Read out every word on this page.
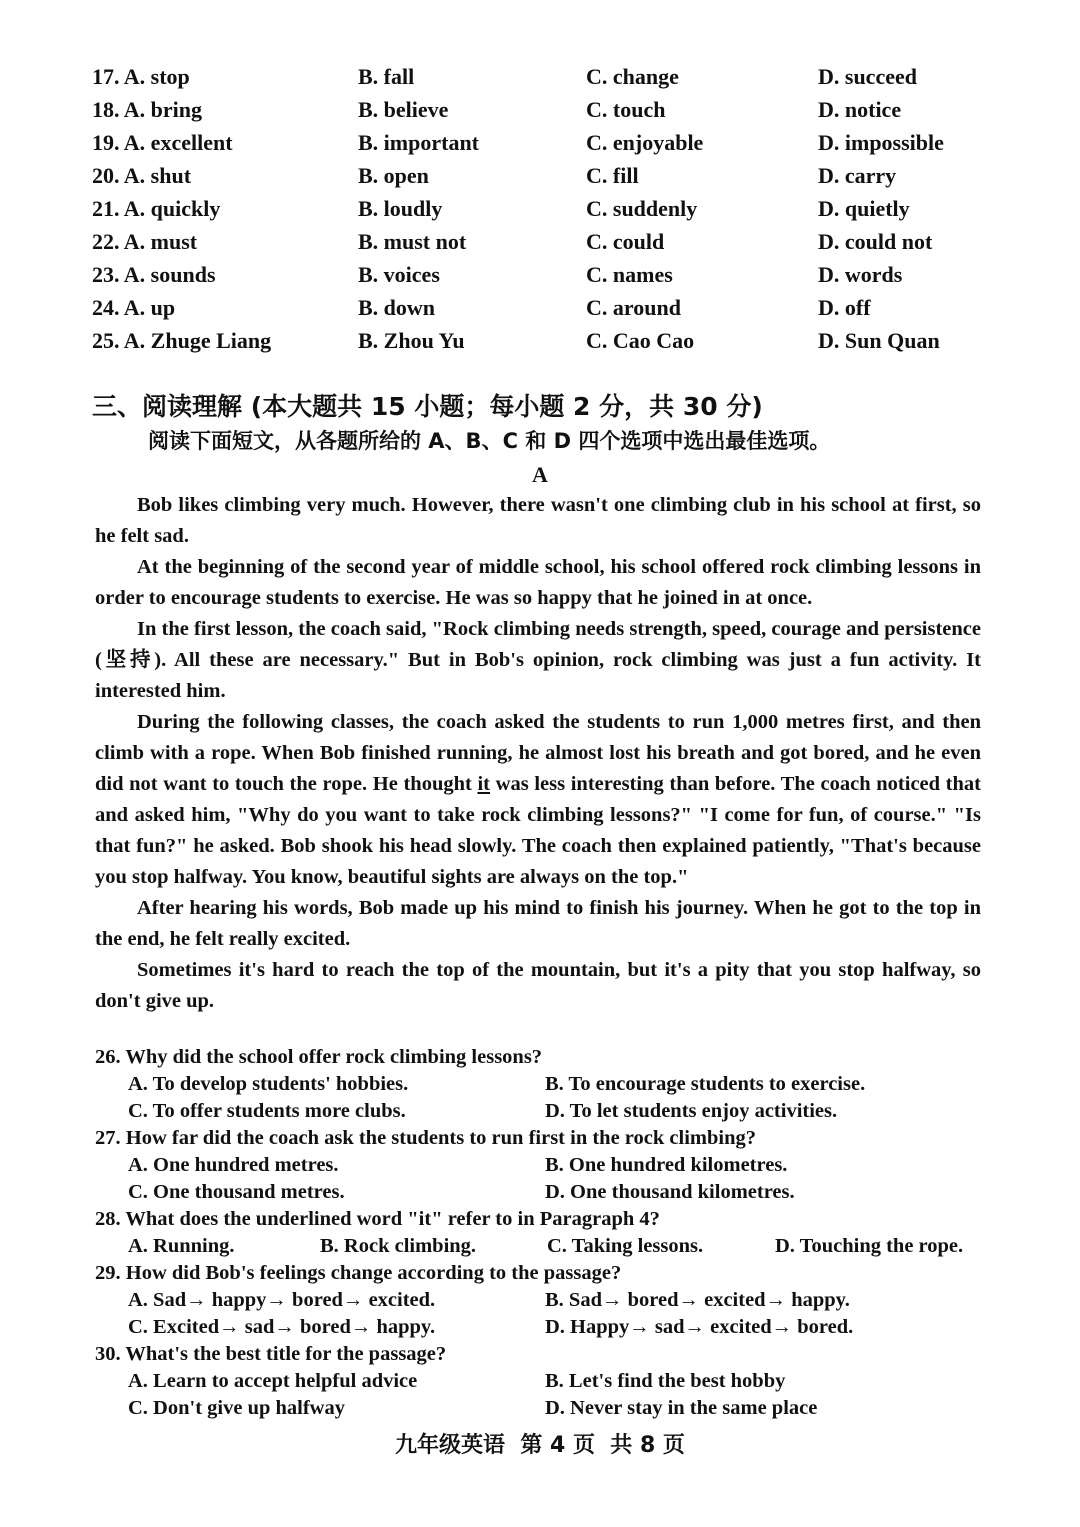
17. A. stop	B. fall	C. change	D. succeed
18. A. bring	B. believe	C. touch	D. notice
19. A. excellent	B. important	C. enjoyable	D. impossible
20. A. shut	B. open	C. fill	D. carry
21. A. quickly	B. loudly	C. suddenly	D. quietly
22. A. must	B. must not	C. could	D. could not
23. A. sounds	B. voices	C. names	D. words
24. A. up	B. down	C. around	D. off
25. A. Zhuge Liang	B. Zhou Yu	C. Cao Cao	D. Sun Quan
三、阅读理解 (本大题共 15 小题；每小题 2 分，共 30 分)
阅读下面短文，从各题所给的 A、B、C 和 D 四个选项中选出最佳选项。
A

Bob likes climbing very much. However, there wasn't one climbing club in his school at first, so he felt sad.

At the beginning of the second year of middle school, his school offered rock climbing lessons in order to encourage students to exercise. He was so happy that he joined in at once.

In the first lesson, the coach said, "Rock climbing needs strength, speed, courage and persistence (坚持). All these are necessary." But in Bob's opinion, rock climbing was just a fun activity. It interested him.

During the following classes, the coach asked the students to run 1,000 metres first, and then climb with a rope. When Bob finished running, he almost lost his breath and got bored, and he even did not want to touch the rope. He thought it was less interesting than before. The coach noticed that and asked him, "Why do you want to take rock climbing lessons?" "I come for fun, of course." "Is that fun?" he asked. Bob shook his head slowly. The coach then explained patiently, "That's because you stop halfway. You know, beautiful sights are always on the top."

After hearing his words, Bob made up his mind to finish his journey. When he got to the top in the end, he felt really excited.

Sometimes it's hard to reach the top of the mountain, but it's a pity that you stop halfway, so don't give up.

26. Why did the school offer rock climbing lessons?
A. To develop students' hobbies.	B. To encourage students to exercise.
C. To offer students more clubs.	D. To let students enjoy activities.
27. How far did the coach ask the students to run first in the rock climbing?
A. One hundred metres.	B. One hundred kilometres.
C. One thousand metres.	D. One thousand kilometres.
28. What does the underlined word "it" refer to in Paragraph 4?
A. Running.	B. Rock climbing.	C. Taking lessons.	D. Touching the rope.
29. How did Bob's feelings change according to the passage?
A. Sad→ happy→ bored→ excited.	B. Sad→ bored→ excited→ happy.
C. Excited→ sad→ bored→ happy.	D. Happy→ sad→ excited→ bored.
30. What's the best title for the passage?
A. Learn to accept helpful advice	B. Let's find the best hobby
C. Don't give up halfway	D. Never stay in the same place
九年级英语  第 4 页  共 8 页
